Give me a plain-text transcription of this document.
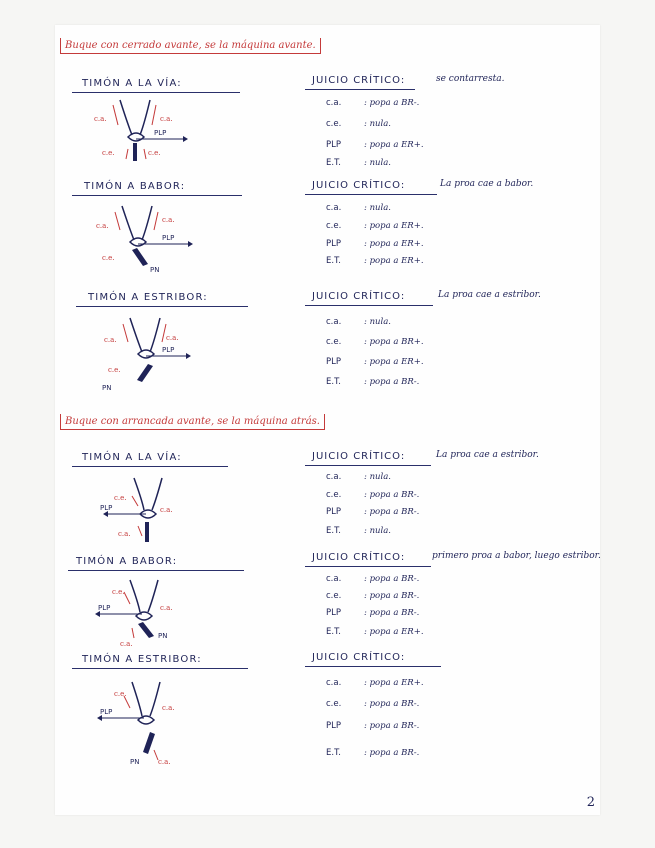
Buque con cerrado avante, se la máquina avante.
TIMÓN A LA VÍA:	JUICIO CRÍTICO:	se contarresta.
c.a.	: popa a BR-.
c.e.	: nula.
PLP	: popa a ER+.
E.T.	: nula.
c.a.	c.a.
PLP
c.e.	c.e.
TIMÓN A BABOR:	JUICIO CRÍTICO:	La proa cae a babor.
c.a.	: nula.
c.e.	: popa a ER+.
PLP	: popa a ER+.
E.T.	: popa a ER+.
c.a.
c.a.
PLP
c.e.
PN
TIMÓN A ESTRIBOR:	JUICIO CRÍTICO:	La proa cae a estribor.
c.a.	: nula.
c.e.	: popa a BR+.
PLP	: popa a ER+.
E.T.	: popa a BR-.
c.a.	c.a.
PLP
c.e.
PN
Buque con arrancada avante, se la máquina atrás.
TIMÓN A LA VÍA:	JUICIO CRÍTICO:	La proa cae a estribor.
c.a.	: nula.
c.e.	: popa a BR-.
PLP	: popa a BR-.
E.T.	: nula.
c.e.
c.a.
PLP
c.a.
TIMÓN A BABOR:	JUICIO CRÍTICO:	primero proa a babor, luego estribor.
c.a.	: popa a BR-.
c.e.	: popa a BR-.
PLP	: popa a BR-.
E.T.	: popa a ER+.
c.e.
c.a.
PLP
c.a.
PN
TIMÓN A ESTRIBOR:	JUICIO CRÍTICO:
c.a.	: popa a ER+.
c.e.	: popa a BR-.
PLP	: popa a BR-.
E.T.	: popa a BR-.
c.e.
c.a.
PLP
PN	c.a.
2
